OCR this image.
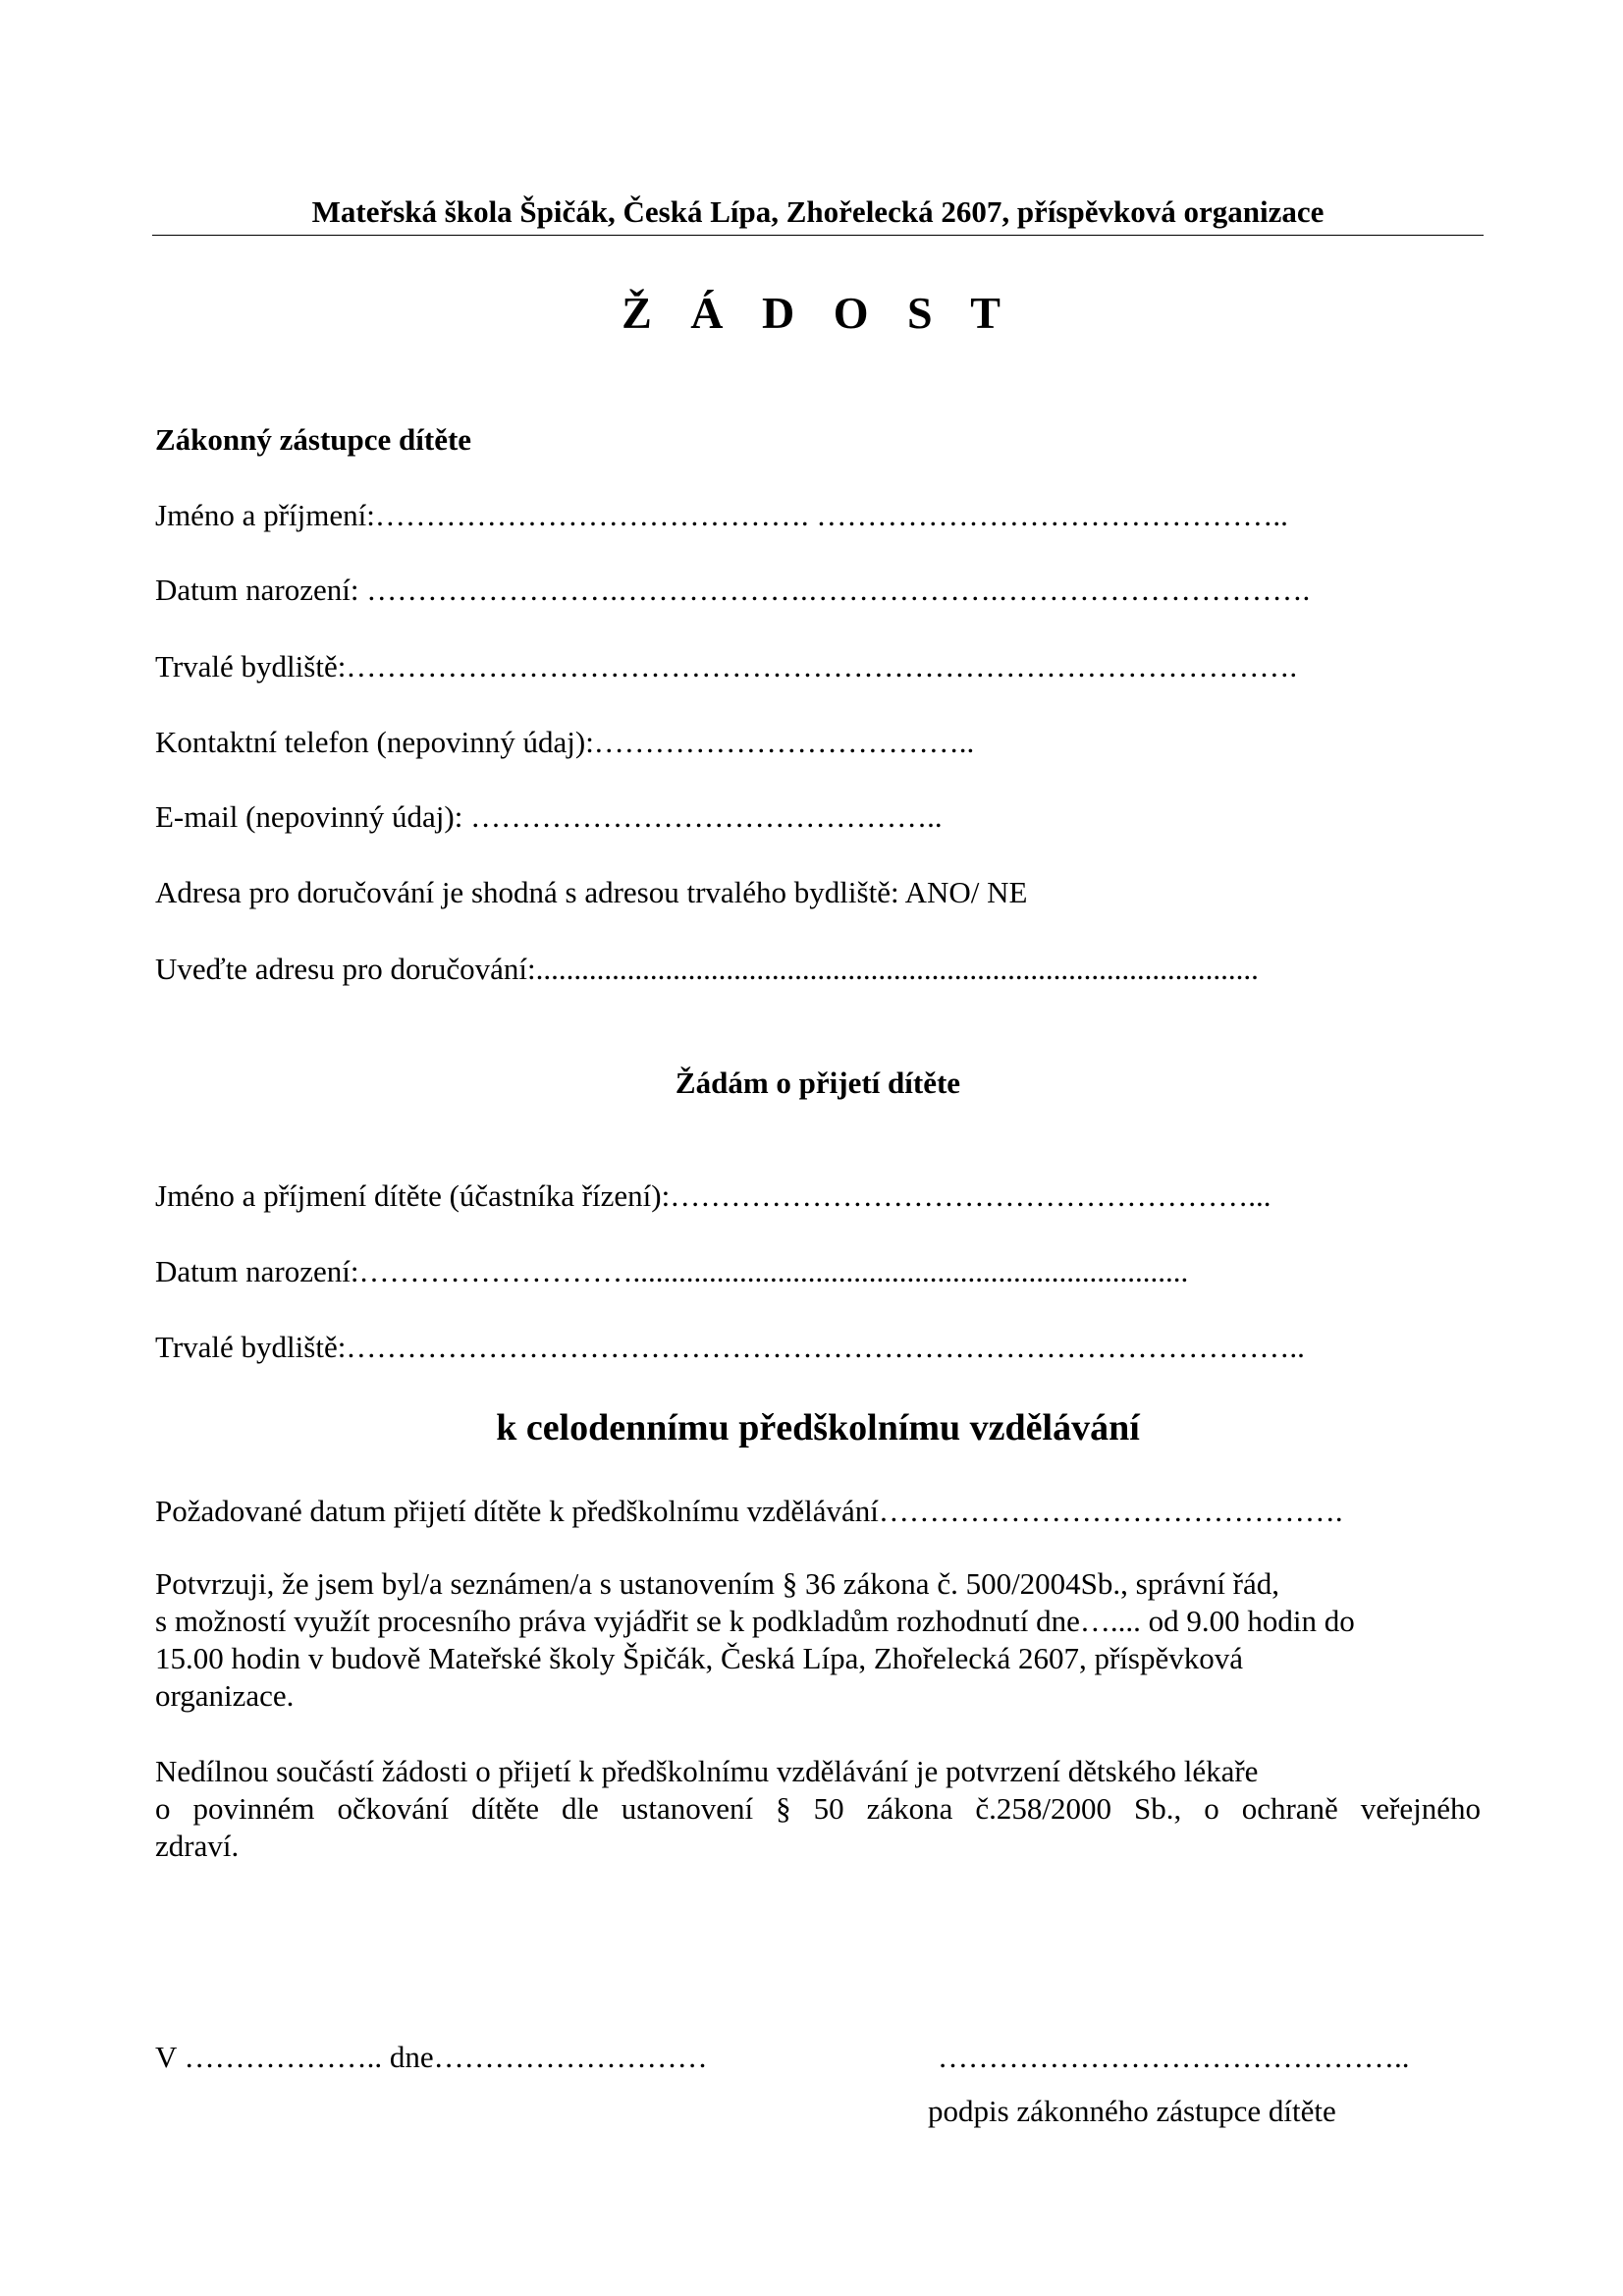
Mateřská škola Špičák, Česká Lípa, Zhořelecká 2607, příspěvková organizace
Ž Á D O S T
Zákonný zástupce dítěte
Jméno a příjmení:……………………………………. ………………………………………..
Datum narození: …………………….……………….……………….………………………….
Trvalé bydliště:………………………………………………………………………………….
Kontaktní telefon (nepovinný údaj):………………………………..
E-mail (nepovinný údaj): ………………………………………..
Adresa pro doručování je shodná s adresou trvalého bydliště: ANO/ NE
Uveďte adresu pro doručování:...............................................................................................
Žádám o přijetí dítěte
Jméno a příjmení dítěte (účastníka řízení):…………………………………………………...
Datum narození:……………………….........................................................................
Trvalé bydliště:…………………………………………………………………………………..
k celodennímu předškolnímu vzdělávání
Požadované datum přijetí dítěte k předškolnímu vzdělávání……………………………………….
Potvrzuji, že jsem byl/a seznámen/a s ustanovením § 36 zákona č. 500/2004Sb., správní řád,
s možností využít procesního práva vyjádřit se k podkladům rozhodnutí dne….... od 9.00 hodin do
15.00 hodin v budově Mateřské školy Špičák, Česká Lípa, Zhořelecká 2607, příspěvková
organizace.
Nedílnou součástí žádosti o přijetí k předškolnímu vzdělávání je potvrzení dětského lékaře
o povinném očkování dítěte dle ustanovení § 50 zákona č.258/2000 Sb., o ochraně veřejného
zdraví.
V ……………….. dne………………………	………………………………………..
podpis zákonného zástupce dítěte
